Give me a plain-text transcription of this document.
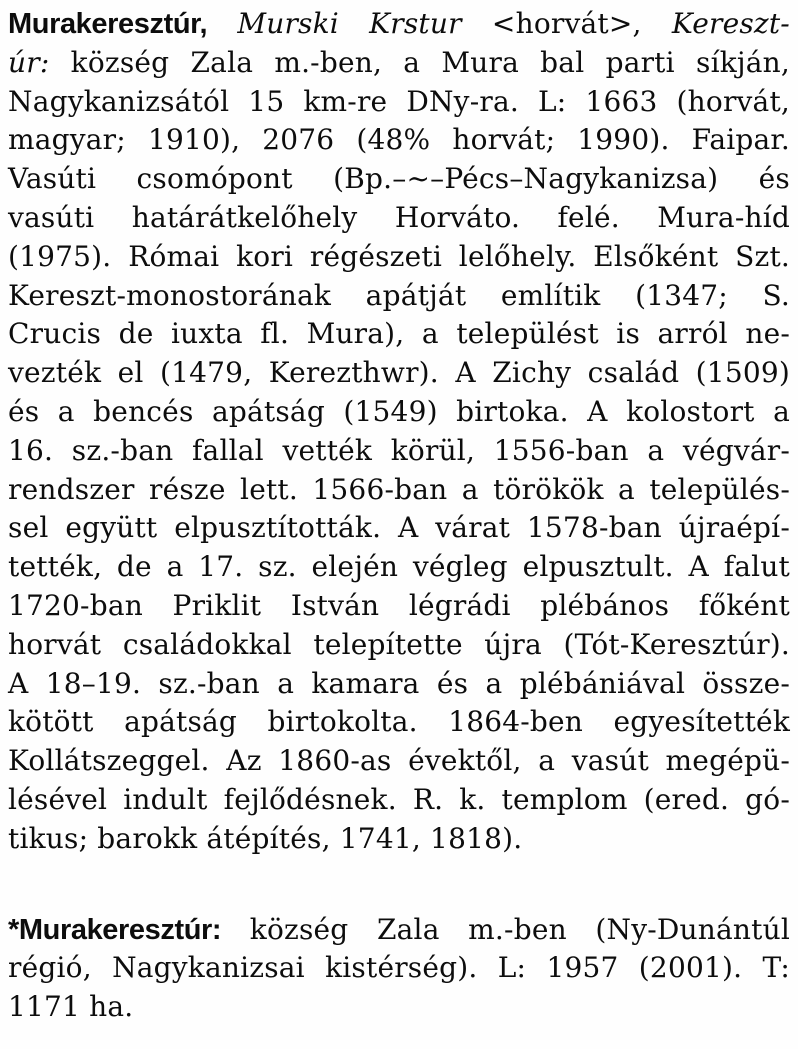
Murakeresztúr, Murski Krstur <horvát>, Kereszt-
úr: község Zala m.-ben, a Mura bal parti síkján,
Nagykanizsától 15 km-re DNy-ra. L: 1663 (horvát,
magyar; 1910), 2076 (48% horvát; 1990). Faipar.
Vasúti csomópont (Bp.–~–Pécs–Nagykanizsa) és
vasúti határátkelőhely Horváto. felé. Mura-híd
(1975). Római kori régészeti lelőhely. Elsőként Szt.
Kereszt-monostorának apátját említik (1347; S.
Crucis de iuxta fl. Mura), a települést is arról ne-
vezték el (1479, Kerezthwr). A Zichy család (1509)
és a bencés apátság (1549) birtoka. A kolostort a
16. sz.-ban fallal vették körül, 1556-ban a végvár-
rendszer része lett. 1566-ban a törökök a település-
sel együtt elpusztították. A várat 1578-ban újraépí-
tették, de a 17. sz. elején végleg elpusztult. A falut
1720-ban Priklit István légrádi plébános főként
horvát családokkal telepítette újra (Tót-Keresztúr).
A 18–19. sz.-ban a kamara és a plébániával össze-
kötött apátság birtokolta. 1864-ben egyesítették
Kollátszeggel. Az 1860-as évektől, a vasút megépü-
lésével indult fejlődésnek. R. k. templom (ered. gó-
tikus; barokk átépítés, 1741, 1818).
*Murakeresztúr: község Zala m.-ben (Ny-Dunántúl
régió, Nagykanizsai kistérség). L: 1957 (2001). T:
1171 ha.
